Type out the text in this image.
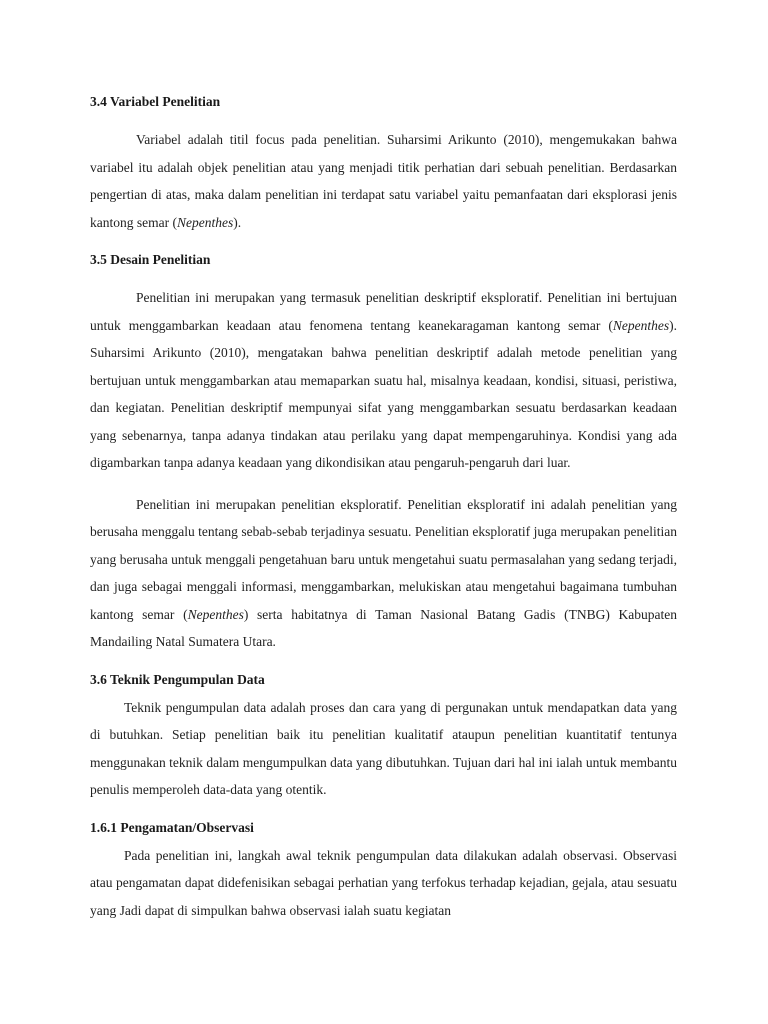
3.4 Variabel Penelitian

Variabel adalah titil focus pada penelitian. Suharsimi Arikunto (2010), mengemukakan bahwa variabel itu adalah objek penelitian atau yang menjadi titik perhatian dari sebuah penelitian. Berdasarkan pengertian di atas, maka dalam penelitian ini terdapat satu variabel yaitu pemanfaatan dari eksplorasi jenis kantong semar (Nepenthes).

3.5 Desain Penelitian

Penelitian ini merupakan yang termasuk penelitian deskriptif eksploratif. Penelitian ini bertujuan untuk menggambarkan keadaan atau fenomena tentang keanekaragaman kantong semar (Nepenthes). Suharsimi Arikunto (2010), mengatakan bahwa penelitian deskriptif adalah metode penelitian yang bertujuan untuk menggambarkan atau memaparkan suatu hal, misalnya keadaan, kondisi, situasi, peristiwa, dan kegiatan. Penelitian deskriptif mempunyai sifat yang menggambarkan sesuatu berdasarkan keadaan yang sebenarnya, tanpa adanya tindakan atau perilaku yang dapat mempengaruhinya. Kondisi yang ada digambarkan tanpa adanya keadaan yang dikondisikan atau pengaruh-pengaruh dari luar.

Penelitian ini merupakan penelitian eksploratif. Penelitian eksploratif ini adalah penelitian yang berusaha menggalu tentang sebab-sebab terjadinya sesuatu. Penelitian eksploratif juga merupakan penelitian yang berusaha untuk menggali pengetahuan baru untuk mengetahui suatu permasalahan yang sedang terjadi, dan juga sebagai menggali informasi, menggambarkan, melukiskan atau mengetahui bagaimana tumbuhan kantong semar (Nepenthes) serta habitatnya di Taman Nasional Batang Gadis (TNBG) Kabupaten Mandailing Natal Sumatera Utara.

3.6 Teknik Pengumpulan Data

Teknik pengumpulan data adalah proses dan cara yang di pergunakan untuk mendapatkan data yang di butuhkan. Setiap penelitian baik itu penelitian kualitatif ataupun penelitian kuantitatif tentunya menggunakan teknik dalam mengumpulkan data yang dibutuhkan. Tujuan dari hal ini ialah untuk membantu penulis memperoleh data-data yang otentik.

1.6.1 Pengamatan/Observasi

Pada penelitian ini, langkah awal teknik pengumpulan data dilakukan adalah observasi. Observasi atau pengamatan dapat didefenisikan sebagai perhatian yang terfokus terhadap kejadian, gejala, atau sesuatu yang Jadi dapat di simpulkan bahwa observasi ialah suatu kegiatan
